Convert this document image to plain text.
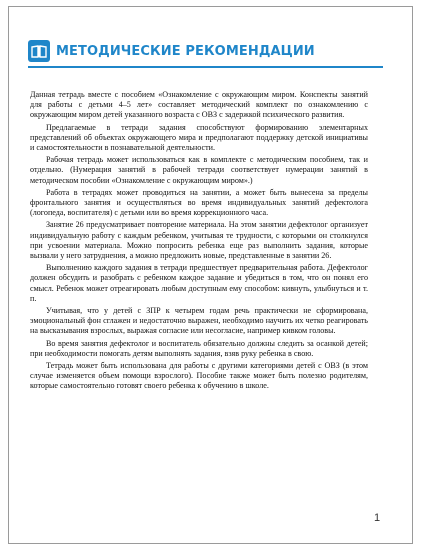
МЕТОДИЧЕСКИЕ РЕКОМЕНДАЦИИ

Данная тетрадь вместе с пособием «Ознакомление с окружающим миром. Конспекты занятий для работы с детьми 4–5 лет» составляет методический комплект по ознакомлению с окружающим миром детей указанного возраста с ОВЗ с задержкой психического развития.

Предлагаемые в тетради задания способствуют формированию элементарных представлений об объектах окружающего мира и предполагают поддержку детской инициативы и самостоятельности в познавательной деятельности.

Рабочая тетрадь может использоваться как в комплекте с методическим пособием, так и отдельно. (Нумерация занятий в рабочей тетради соответствует нумерации занятий в методическом пособии «Ознакомление с окружающим миром».)

Работа в тетрадях может проводиться на занятии, а может быть вынесена за пределы фронтального занятия и осуществляться во время индивидуальных занятий дефектолога (логопеда, воспитателя) с детьми или во время коррекционного часа.

Занятие 26 предусматривает повторение материала. На этом занятии дефектолог организует индивидуальную работу с каждым ребенком, учитывая те трудности, с которыми он столкнулся при усвоении материала. Можно попросить ребенка еще раз выполнить задания, которые вызвали у него затруднения, а можно предложить новые, представленные в занятии 26.

Выполнению каждого задания в тетради предшествует предварительная работа. Дефектолог должен обсудить и разобрать с ребенком каждое задание и убедиться в том, что он понял его смысл. Ребенок может отреагировать любым доступным ему способом: кивнуть, улыбнуться и т. п.

Учитывая, что у детей с ЗПР к четырем годам речь практически не сформирована, эмоциональный фон сглажен и недостаточно выражен, необходимо научить их четко реагировать на высказывания взрослых, выражая согласие или несогласие, например кивком головы.

Во время занятия дефектолог и воспитатель обязательно должны следить за осанкой детей; при необходимости помогать детям выполнять задания, взяв руку ребенка в свою.

Тетрадь может быть использована для работы с другими категориями детей с ОВЗ (в этом случае изменяется объем помощи взрослого). Пособие также может быть полезно родителям, которые самостоятельно готовят своего ребенка к обучению в школе.

1
